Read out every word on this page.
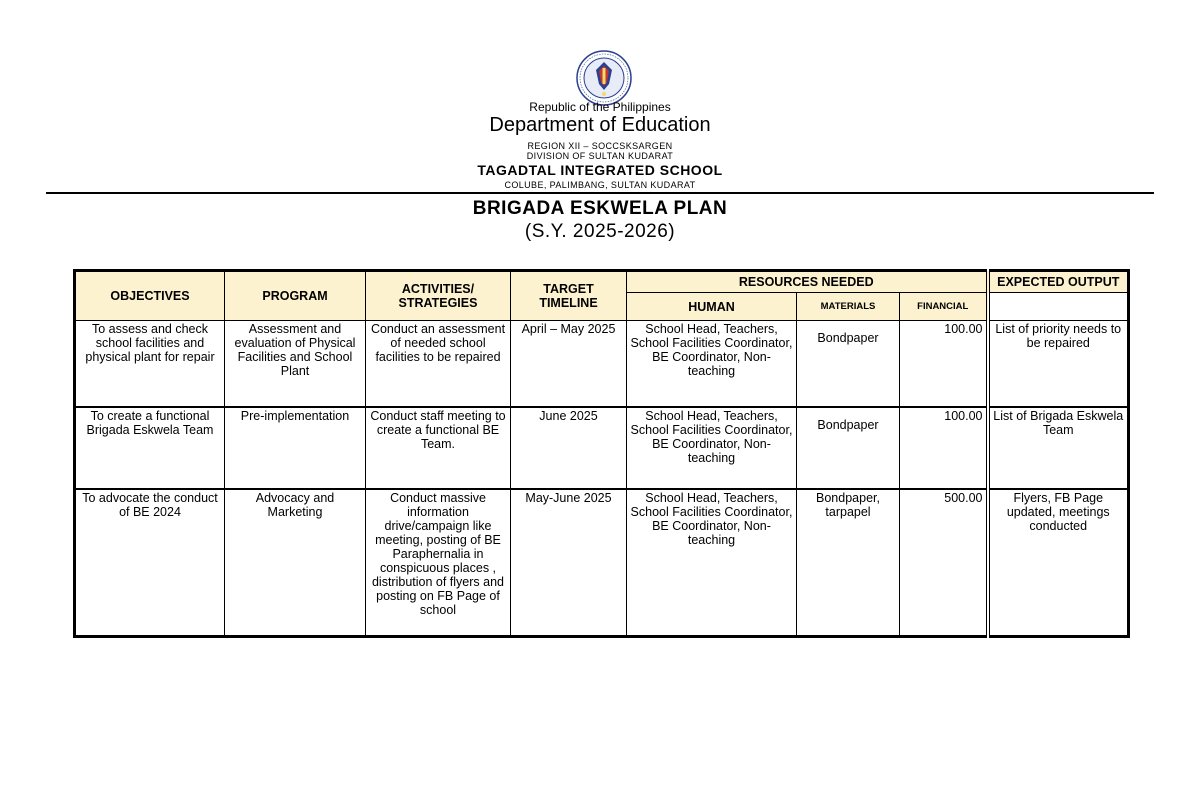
Republic of the Philippines
Department of Education
REGION XII – SOCCSKSARGEN
DIVISION OF SULTAN KUDARAT
TAGADTAL INTEGRATED SCHOOL
COLUBE, PALIMBANG, SULTAN KUDARAT
BRIGADA ESKWELA PLAN
(S.Y. 2025-2026)
OBJECTIVES	PROGRAM	ACTIVITIES/ STRATEGIES	TARGET TIMELINE	RESOURCES NEEDED			EXPECTED OUTPUT
				HUMAN	MATERIALS	FINANCIAL	
To assess and check school facilities and physical plant for repair	Assessment and evaluation of Physical Facilities and School Plant	Conduct an assessment of needed school facilities to be repaired	April – May 2025	School Head, Teachers, School Facilities Coordinator, BE Coordinator, Non-teaching	Bondpaper	100.00	List of priority needs to be repaired
To create a functional Brigada Eskwela Team	Pre-implementation	Conduct staff meeting to create a functional BE Team.	June 2025	School Head, Teachers, School Facilities Coordinator, BE Coordinator, Non-teaching	Bondpaper	100.00	List of Brigada Eskwela Team
To advocate the conduct of BE 2024	Advocacy and Marketing	Conduct massive information drive/campaign like meeting, posting of BE Paraphernalia in conspicuous places , distribution of flyers and posting on FB Page of school	May-June 2025	School Head, Teachers, School Facilities Coordinator, BE Coordinator, Non-teaching	Bondpaper, tarpapel	500.00	Flyers, FB Page updated, meetings conducted
